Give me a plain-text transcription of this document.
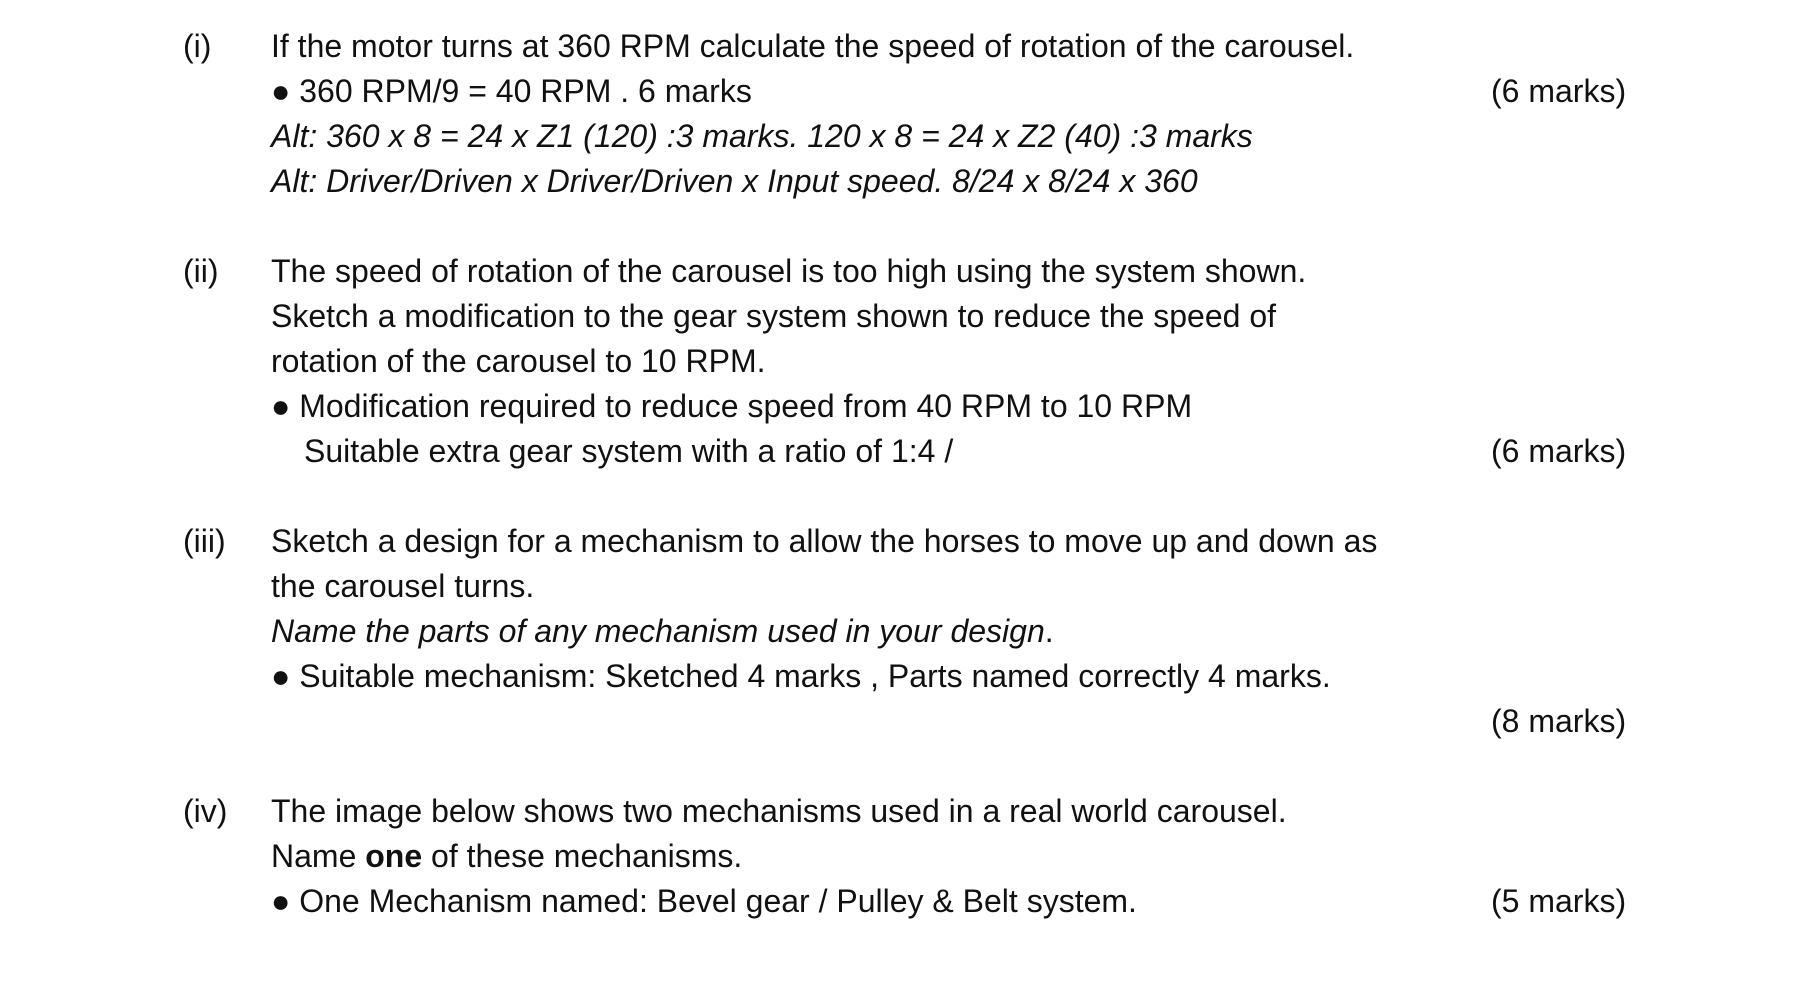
(i) If the motor turns at 360 RPM calculate the speed of rotation of the carousel.
● 360 RPM/9 = 40 RPM . 6 marks	(6 marks)
Alt: 360 x 8 = 24 x Z1 (120) :3 marks. 120 x 8 = 24 x Z2 (40) :3 marks
Alt: Driver/Driven x Driver/Driven x Input speed. 8/24 x 8/24 x 360
(ii) The speed of rotation of the carousel is too high using the system shown.
Sketch a modification to the gear system shown to reduce the speed of
rotation of the carousel to 10 RPM.
● Modification required to reduce speed from 40 RPM to 10 RPM
Suitable extra gear system with a ratio of 1:4 /	(6 marks)
(iii) Sketch a design for a mechanism to allow the horses to move up and down as
the carousel turns.
Name the parts of any mechanism used in your design.
● Suitable mechanism: Sketched 4 marks , Parts named correctly 4 marks.
(8 marks)
(iv) The image below shows two mechanisms used in a real world carousel.
Name one of these mechanisms.
● One Mechanism named: Bevel gear / Pulley & Belt system.	(5 marks)
